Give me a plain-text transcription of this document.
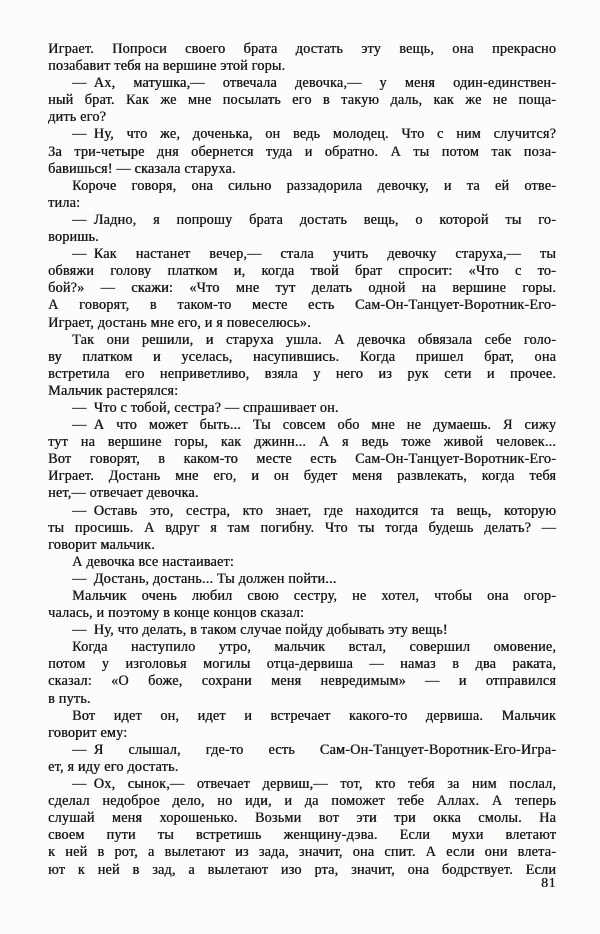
Играет. Попроси своего брата достать эту вещь, она прекрасно
позабавит тебя на вершине этой горы.
— Ах, матушка,— отвечала девочка,— у меня один-единствен-
ный брат. Как же мне посылать его в такую даль, как же не поща-
дить его?
— Ну, что же, доченька, он ведь молодец. Что с ним случится?
За три-четыре дня обернется туда и обратно. А ты потом так поза-
бавишься! — сказала старуха.
Короче говоря, она сильно раззадорила девочку, и та ей отве-
тила:
— Ладно, я попрошу брата достать вещь, о которой ты го-
воришь.
— Как настанет вечер,— стала учить девочку старуха,— ты
обвяжи голову платком и, когда твой брат спросит: «Что с то-
бой?» — скажи: «Что мне тут делать одной на вершине горы.
А говорят, в таком-то месте есть Сам-Он-Танцует-Воротник-Его-
Играет, достань мне его, и я повеселюсь».
Так они решили, и старуха ушла. А девочка обвязала себе голо-
ву платком и уселась, насупившись. Когда пришел брат, она
встретила его неприветливо, взяла у него из рук сети и прочее.
Мальчик растерялся:
— Что с тобой, сестра? — спрашивает он.
— А что может быть... Ты совсем обо мне не думаешь. Я сижу
тут на вершине горы, как джинн... А я ведь тоже живой человек...
Вот говорят, в каком-то месте есть Сам-Он-Танцует-Воротник-Его-
Играет. Достань мне его, и он будет меня развлекать, когда тебя
нет,— отвечает девочка.
— Оставь это, сестра, кто знает, где находится та вещь, которую
ты просишь. А вдруг я там погибну. Что ты тогда будешь делать? —
говорит мальчик.
А девочка все настаивает:
— Достань, достань... Ты должен пойти...
Мальчик очень любил свою сестру, не хотел, чтобы она огор-
чалась, и поэтому в конце концов сказал:
— Ну, что делать, в таком случае пойду добывать эту вещь!
Когда наступило утро, мальчик встал, совершил омовение,
потом у изголовья могилы отца-дервиша — намаз в два раката,
сказал: «О боже, сохрани меня невредимым» — и отправился
в путь.
Вот идет он, идет и встречает какого-то дервиша. Мальчик
говорит ему:
— Я слышал, где-то есть Сам-Он-Танцует-Воротник-Его-Игра-
ет, я иду его достать.
— Ох, сынок,— отвечает дервиш,— тот, кто тебя за ним послал,
сделал недоброе дело, но иди, и да поможет тебе Аллах. А теперь
слушай меня хорошенько. Возьми вот эти три окка смолы. На
своем пути ты встретишь женщину-дэва. Если мухи влетают
к ней в рот, а вылетают из зада, значит, она спит. А если они влета-
ют к ней в зад, а вылетают изо рта, значит, она бодрствует. Если
81
